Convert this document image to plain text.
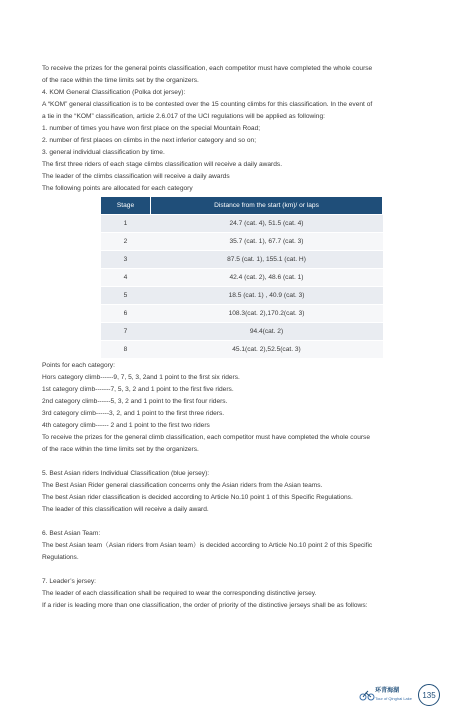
To receive the prizes for the general points classification, each competitor must have completed the whole course

of the race within the time limits set by the organizers.

4. KOM General Classification (Polka dot jersey):

A “KOM” general classification is to be contested over the 15 counting climbs for this classification. In the event of

a tie in the “KOM” classification, article 2.6.017 of the UCI regulations will be applied as following:

1. number of times you have won first place on the special Mountain Road;

2. number of first places on climbs in the next inferior category and so on;

3. general individual classification by time.

The first three riders of each stage climbs classification will receive a daily awards.

The leader of the climbs classification will receive a daily awards

The following points are allocated for each category

Stage	Distance from the start (km)/ or laps
1	24.7 (cat. 4), 51.5 (cat. 4)
2	35.7 (cat. 1), 67.7 (cat. 3)
3	87.5 (cat. 1), 155.1 (cat. H)
4	42.4 (cat. 2), 48.6 (cat. 1)
5	18.5 (cat. 1) , 40.9 (cat. 3)
6	108.3(cat. 2),170.2(cat. 3)
7	94.4(cat. 2)
8	45.1(cat. 2),52.5(cat. 3)

Points for each category:

Hors category climb------9, 7, 5, 3, 2and 1 point to the first six riders.

1st category climb-------7, 5, 3, 2 and 1 point to the first five riders.

2nd category climb------5, 3, 2 and 1 point to the first four riders.

3rd category climb------3, 2, and 1 point to the first three riders.

4th category climb------ 2 and 1 point to the first two riders

To receive the prizes for the general climb classification, each competitor must have completed the whole course

of the race within the time limits set by the organizers.

5. Best Asian riders Individual Classification (blue jersey):

The Best Asian Rider general classification concerns only the Asian riders from the Asian teams.

The best Asian rider classification is decided according to Article No.10 point 1 of this Specific Regulations.

The leader of this classification will receive a daily award.

6. Best Asian Team:

The best Asian team（Asian riders from Asian team）is decided according to Article No.10 point 2 of this Specific

Regulations.

7. Leader’s jersey:

The leader of each classification shall be required to wear the corresponding distinctive jersey.

If a rider is leading more than one classification, the order of priority of the distinctive jerseys shall be as follows:

环青海湖
Tour of Qinghai Lake	135
